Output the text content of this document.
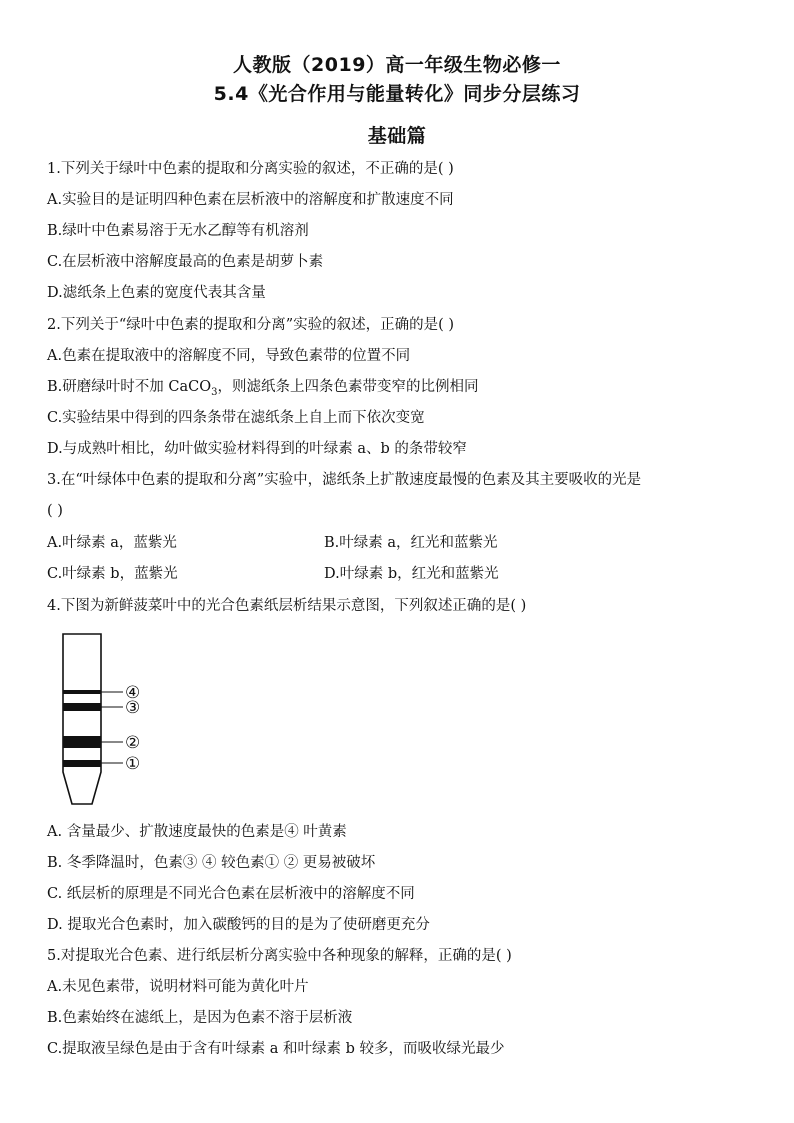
人教版（2019）高一年级生物必修一
5.4《光合作用与能量转化》同步分层练习
基础篇
1.下列关于绿叶中色素的提取和分离实验的叙述，不正确的是( )
A.实验目的是证明四种色素在层析液中的溶解度和扩散速度不同
B.绿叶中色素易溶于无水乙醇等有机溶剂
C.在层析液中溶解度最高的色素是胡萝卜素
D.滤纸条上色素的宽度代表其含量
2.下列关于“绿叶中色素的提取和分离”实验的叙述，正确的是( )
A.色素在提取液中的溶解度不同，导致色素带的位置不同
B.研磨绿叶时不加 CaCO$_3$，则滤纸条上四条色素带变窄的比例相同
C.实验结果中得到的四条条带在滤纸条上自上而下依次变宽
D.与成熟叶相比，幼叶做实验材料得到的叶绿素 a、b 的条带较窄
3.在“叶绿体中色素的提取和分离”实验中，滤纸条上扩散速度最慢的色素及其主要吸收的光是
( )
A.叶绿素 a，蓝紫光	B.叶绿素 a，红光和蓝紫光
C.叶绿素 b，蓝紫光	D.叶绿素 b，红光和蓝紫光
4.下图为新鲜菠菜叶中的光合色素纸层析结果示意图，下列叙述正确的是( )
④
③
②
①
A. 含量最少、扩散速度最快的色素是④ 叶黄素
B. 冬季降温时，色素③ ④ 较色素① ② 更易被破坏
C. 纸层析的原理是不同光合色素在层析液中的溶解度不同
D. 提取光合色素时，加入碳酸钙的目的是为了使研磨更充分
5.对提取光合色素、进行纸层析分离实验中各种现象的解释，正确的是( )
A.未见色素带，说明材料可能为黄化叶片
B.色素始终在滤纸上，是因为色素不溶于层析液
C.提取液呈绿色是由于含有叶绿素 a 和叶绿素 b 较多，而吸收绿光最少
